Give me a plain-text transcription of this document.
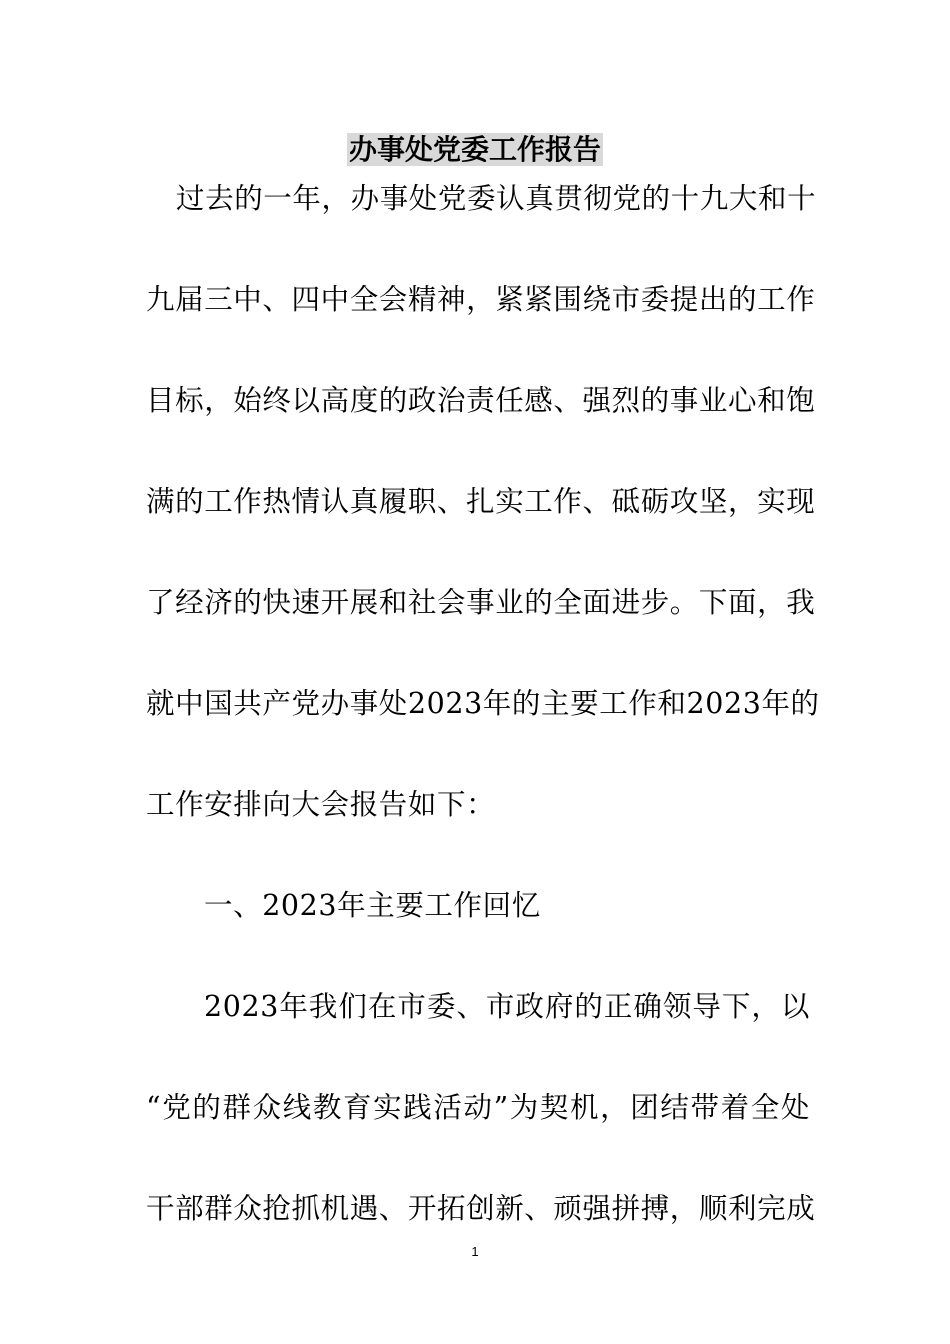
办事处党委工作报告
过去的一年，办事处党委认真贯彻党的十九大和十
九届三中、四中全会精神，紧紧围绕市委提出的工作
目标，始终以高度的政治责任感、强烈的事业心和饱
满的工作热情认真履职、扎实工作、砥砺攻坚，实现
了经济的快速开展和社会事业的全面进步。下面，我
就中国共产党办事处2023年的主要工作和2023年的
工作安排向大会报告如下：
一、2023年主要工作回忆
2023年我们在市委、市政府的正确领导下，以
“党的群众线教育实践活动”为契机，团结带着全处
干部群众抢抓机遇、开拓创新、顽强拼搏，顺利完成
1
